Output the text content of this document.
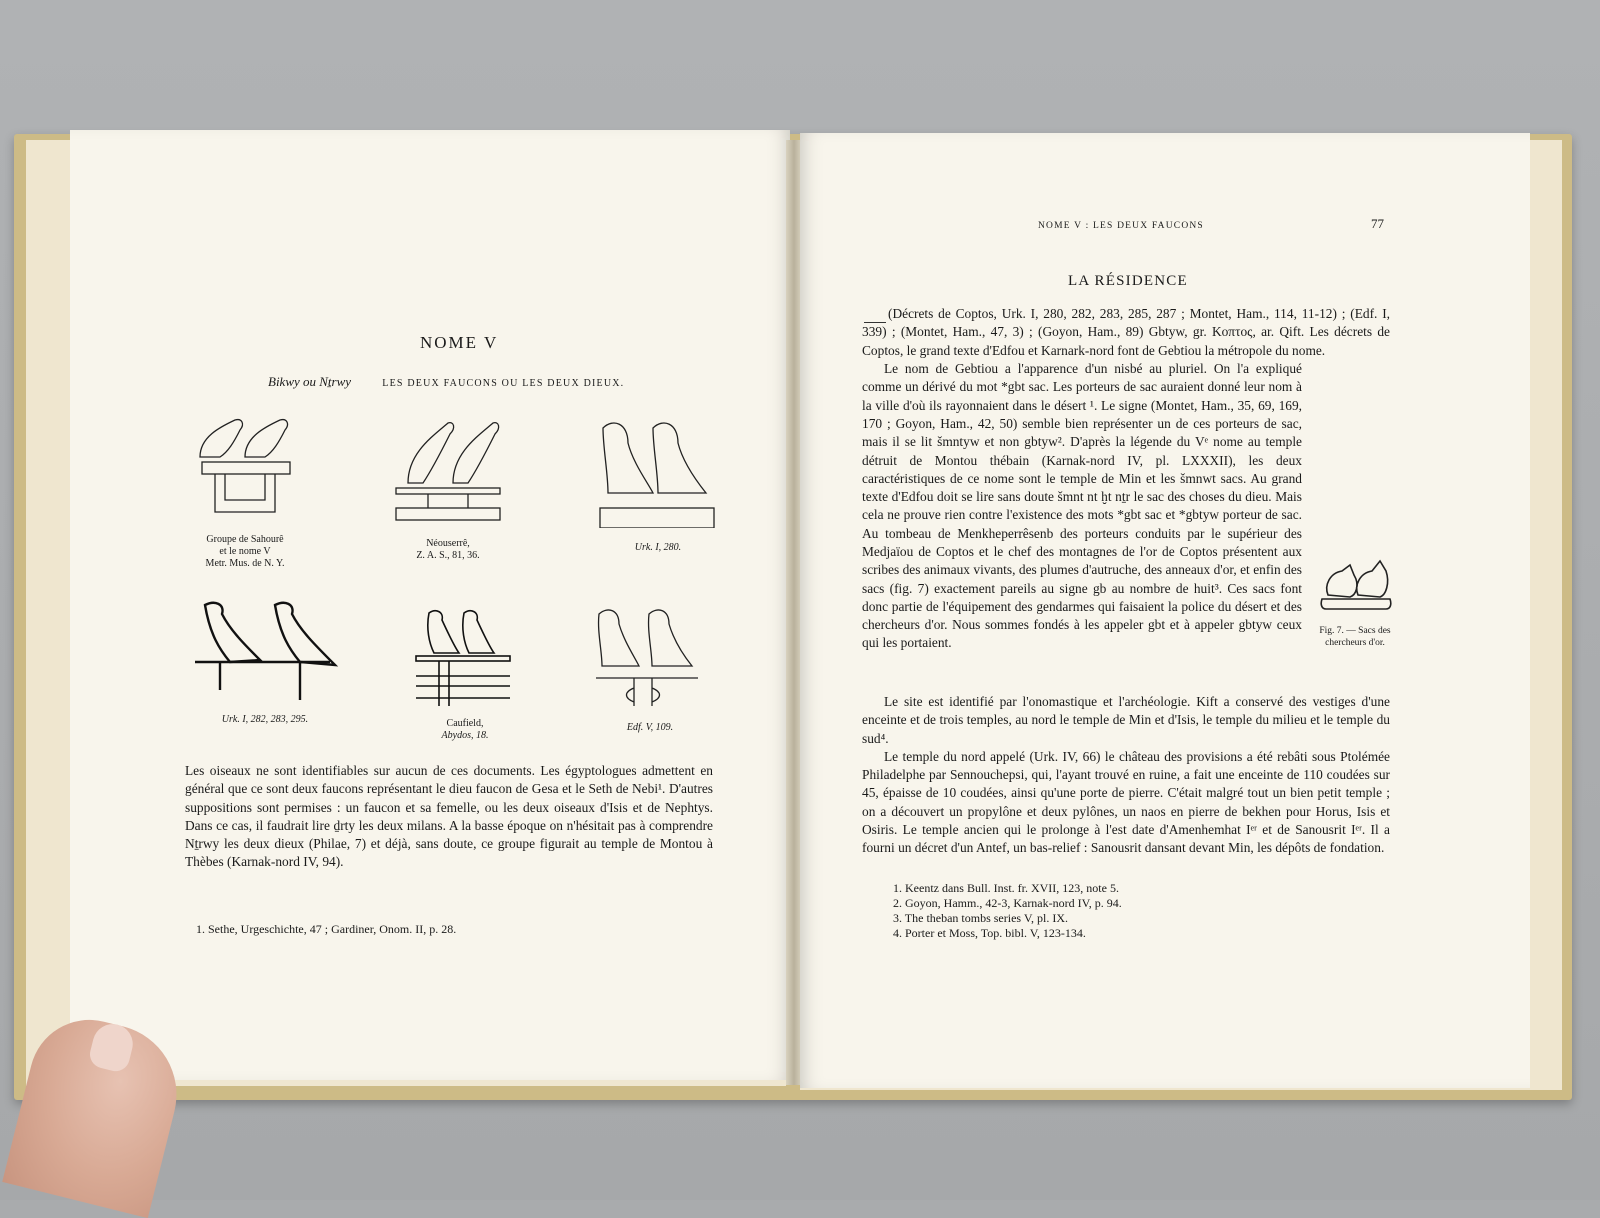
NOME V
Bikwy ou Nṯrwy	LES DEUX FAUCONS OU LES DEUX DIEUX.
Groupe de Sahourê
et le nome V
Metr. Mus. de N. Y.
Néouserrê,
Z. A. S., 81, 36.
Urk. I, 280.
Urk. I, 282, 283, 295.	Caufield,
Abydos, 18.
Edf. V, 109.
Les oiseaux ne sont identifiables sur aucun de ces documents. Les égyptologues admettent en général que ce sont deux faucons représentant le dieu faucon de Gesa et le Seth de Nebi¹. D'autres suppositions sont permises : un faucon et sa femelle, ou les deux oiseaux d'Isis et de Nephtys. Dans ce cas, il faudrait lire ḏrty les deux milans. A la basse époque on n'hésitait pas à comprendre Nṯrwy les deux dieux (Philae, 7) et déjà, sans doute, ce groupe figurait au temple de Montou à Thèbes (Karnak-nord IV, 94).
1. Sethe, Urgeschichte, 47 ; Gardiner, Onom. II, p. 28.
NOME V : LES DEUX FAUCONS	77
LA RÉSIDENCE

(Décrets de Coptos, Urk. I, 280, 282, 283, 285, 287 ; Montet, Ham., 114, 11-12) ; (Edf. I, 339) ; (Montet, Ham., 47, 3) ; (Goyon, Ham., 89) Gbtyw, gr. Κοπτος, ar. Qift. Les décrets de Coptos, le grand texte d'Edfou et Karnark-nord font de Gebtiou la métropole du nome.

Le nom de Gebtiou a l'apparence d'un nisbé au pluriel. On l'a expliqué comme un dérivé du mot *gbt sac. Les porteurs de sac auraient donné leur nom à la ville d'où ils rayonnaient dans le désert ¹. Le signe (Montet, Ham., 35, 69, 169, 170 ; Goyon, Ham., 42, 50) semble bien représenter un de ces porteurs de sac, mais il se lit šmntyw et non gbtyw². D'après la légende du Vᵉ nome au temple détruit de Montou thébain (Karnak-nord IV, pl. LXXXII), les deux caractéristiques de ce nome sont le temple de Min et les šmnwt sacs. Au grand texte d'Edfou doit se lire sans doute šmnt nt ḫt nṯr le sac des choses du dieu. Mais cela ne prouve rien contre l'existence des mots *gbt sac et *gbtyw porteur de sac. Au tombeau de Menkheperrêsenb des porteurs conduits par le supérieur des Medjaïou de Coptos et le chef des montagnes de l'or de Coptos présentent aux scribes des animaux vivants, des plumes d'autruche, des anneaux d'or, et enfin des sacs (fig. 7) exactement pareils au signe gb au nombre de huit³. Ces sacs font donc partie de l'équipement des gendarmes qui faisaient la police du désert et des chercheurs d'or. Nous sommes fondés à les appeler gbt et à appeler gbtyw ceux qui les portaient.

Fig. 7. — Sacs des chercheurs d'or.

Le site est identifié par l'onomastique et l'archéologie. Kift a conservé des vestiges d'une enceinte et de trois temples, au nord le temple de Min et d'Isis, le temple du milieu et le temple du sud⁴.

Le temple du nord appelé (Urk. IV, 66) le château des provisions a été rebâti sous Ptolémée Philadelphe par Sennouchepsi, qui, l'ayant trouvé en ruine, a fait une enceinte de 110 coudées sur 45, épaisse de 10 coudées, ainsi qu'une porte de pierre. C'était malgré tout un bien petit temple ; on a découvert un propylône et deux pylônes, un naos en pierre de bekhen pour Horus, Isis et Osiris. Le temple ancien qui le prolonge à l'est date d'Amenhemhat Iᵉʳ et de Sanousrit Iᵉʳ. Il a fourni un décret d'un Antef, un bas-relief : Sanousrit dansant devant Min, les dépôts de fondation.

1. Keentz dans Bull. Inst. fr. XVII, 123, note 5.
2. Goyon, Hamm., 42-3, Karnak-nord IV, p. 94.
3. The theban tombs series V, pl. IX.
4. Porter et Moss, Top. bibl. V, 123-134.
